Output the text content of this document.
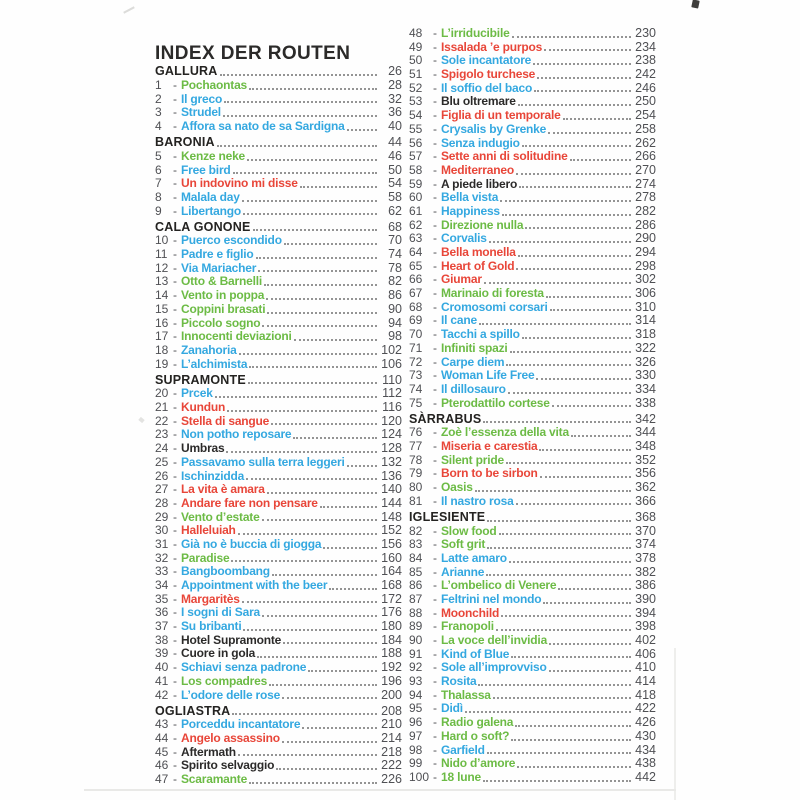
INDEX DER ROUTEN
GALLURA	26
1 - Pochaontas	28
2 - Il greco	32
3 - Strudel	36
4 - Affora sa nato de sa Sardigna	40
BARONIA	44
5 - Kenze neke	46
6 - Free bird	50
7 - Un indovino mi disse	54
8 - Malala day	58
9 - Libertango	62
CALA GONONE	68
10 - Puerco escondido	70
11 - Padre e figlio	74
12 - Via Mariacher	78
13 - Otto & Barnelli	82
14 - Vento in poppa	86
15 - Coppini brasati	90
16 - Piccolo sogno	94
17 - Innocenti deviazioni	98
18 - Zanahoria	102
19 - L’alchimista	106
SUPRAMONTE	110
20 - Prcek	112
21 - Kundun	116
22 - Stella di sangue	120
23 - Non potho reposare	124
24 - Umbras	128
25 - Passavamo sulla terra leggeri	132
26 - Ischinzidda	136
27 - La vita è amara	140
28 - Andare fare non pensare	144
29 - Vento d’estate	148
30 - Halleluiah	152
31 - Già no è buccia di giogga	156
32 - Paradise	160
33 - Bangboombang	164
34 - Appointment with the beer	168
35 - Margaritès	172
36 - I sogni di Sara	176
37 - Su bribanti	180
38 - Hotel Supramonte	184
39 - Cuore in gola	188
40 - Schiavi senza padrone	192
41 - Los compadres	196
42 - L’odore delle rose	200
OGLIASTRA	208
43 - Porceddu incantatore	210
44 - Angelo assassino	214
45 - Aftermath	218
46 - Spirito selvaggio	222
47 - Scaramante	226
48 - L’irriducibile	230
49 - Issalada ’e purpos	234
50 - Sole incantatore	238
51 - Spigolo turchese	242
52 - Il soffio del baco	246
53 - Blu oltremare	250
54 - Figlia di un temporale	254
55 - Crysalis by Grenke	258
56 - Senza indugio	262
57 - Sette anni di solitudine	266
58 - Mediterraneo	270
59 - A piede libero	274
60 - Bella vista	278
61 - Happiness	282
62 - Direzione nulla	286
63 - Corvalis	290
64 - Bella monella	294
65 - Heart of Gold	298
66 - Giumar	302
67 - Marinaio di foresta	306
68 - Cromosomi corsari	310
69 - Il cane	314
70 - Tacchi a spillo	318
71 - Infiniti spazi	322
72 - Carpe diem	326
73 - Woman Life Free	330
74 - Il dillosauro	334
75 - Pterodattilo cortese	338
SÀRRABUS	342
76 - Zoè l’essenza della vita	344
77 - Miseria e carestia	348
78 - Silent pride	352
79 - Born to be sirbon	356
80 - Oasis	362
81 - Il nastro rosa	366
IGLESIENTE	368
82 - Slow food	370
83 - Soft grit	374
84 - Latte amaro	378
85 - Arianne	382
86 - L’ombelico di Venere	386
87 - Feltrini nel mondo	390
88 - Moonchild	394
89 - Franopoli	398
90 - La voce dell’invidia	402
91 - Kind of Blue	406
92 - Sole all’improvviso	410
93 - Rosita	414
94 - Thalassa	418
95 - Didì	422
96 - Radio galena	426
97 - Hard o soft?	430
98 - Garfield	434
99 - Nido d’amore	438
100 - 18 lune	442
